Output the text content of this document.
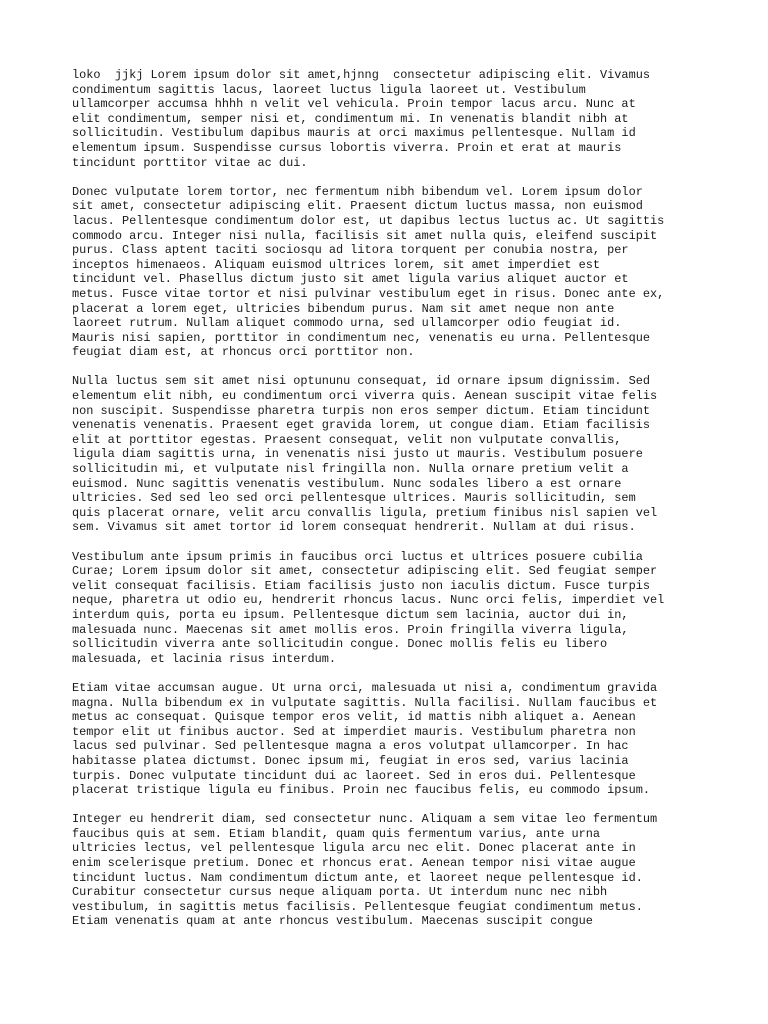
loko  jjkj Lorem ipsum dolor sit amet,hjnng  consectetur adipiscing elit. Vivamus
condimentum sagittis lacus, laoreet luctus ligula laoreet ut. Vestibulum
ullamcorper accumsa hhhh n velit vel vehicula. Proin tempor lacus arcu. Nunc at
elit condimentum, semper nisi et, condimentum mi. In venenatis blandit nibh at
sollicitudin. Vestibulum dapibus mauris at orci maximus pellentesque. Nullam id
elementum ipsum. Suspendisse cursus lobortis viverra. Proin et erat at mauris
tincidunt porttitor vitae ac dui.

Donec vulputate lorem tortor, nec fermentum nibh bibendum vel. Lorem ipsum dolor
sit amet, consectetur adipiscing elit. Praesent dictum luctus massa, non euismod
lacus. Pellentesque condimentum dolor est, ut dapibus lectus luctus ac. Ut sagittis
commodo arcu. Integer nisi nulla, facilisis sit amet nulla quis, eleifend suscipit
purus. Class aptent taciti sociosqu ad litora torquent per conubia nostra, per
inceptos himenaeos. Aliquam euismod ultrices lorem, sit amet imperdiet est
tincidunt vel. Phasellus dictum justo sit amet ligula varius aliquet auctor et
metus. Fusce vitae tortor et nisi pulvinar vestibulum eget in risus. Donec ante ex,
placerat a lorem eget, ultricies bibendum purus. Nam sit amet neque non ante
laoreet rutrum. Nullam aliquet commodo urna, sed ullamcorper odio feugiat id.
Mauris nisi sapien, porttitor in condimentum nec, venenatis eu urna. Pellentesque
feugiat diam est, at rhoncus orci porttitor non.

Nulla luctus sem sit amet nisi optununu consequat, id ornare ipsum dignissim. Sed
elementum elit nibh, eu condimentum orci viverra quis. Aenean suscipit vitae felis
non suscipit. Suspendisse pharetra turpis non eros semper dictum. Etiam tincidunt
venenatis venenatis. Praesent eget gravida lorem, ut congue diam. Etiam facilisis
elit at porttitor egestas. Praesent consequat, velit non vulputate convallis,
ligula diam sagittis urna, in venenatis nisi justo ut mauris. Vestibulum posuere
sollicitudin mi, et vulputate nisl fringilla non. Nulla ornare pretium velit a
euismod. Nunc sagittis venenatis vestibulum. Nunc sodales libero a est ornare
ultricies. Sed sed leo sed orci pellentesque ultrices. Mauris sollicitudin, sem
quis placerat ornare, velit arcu convallis ligula, pretium finibus nisl sapien vel
sem. Vivamus sit amet tortor id lorem consequat hendrerit. Nullam at dui risus.

Vestibulum ante ipsum primis in faucibus orci luctus et ultrices posuere cubilia
Curae; Lorem ipsum dolor sit amet, consectetur adipiscing elit. Sed feugiat semper
velit consequat facilisis. Etiam facilisis justo non iaculis dictum. Fusce turpis
neque, pharetra ut odio eu, hendrerit rhoncus lacus. Nunc orci felis, imperdiet vel
interdum quis, porta eu ipsum. Pellentesque dictum sem lacinia, auctor dui in,
malesuada nunc. Maecenas sit amet mollis eros. Proin fringilla viverra ligula,
sollicitudin viverra ante sollicitudin congue. Donec mollis felis eu libero
malesuada, et lacinia risus interdum.

Etiam vitae accumsan augue. Ut urna orci, malesuada ut nisi a, condimentum gravida
magna. Nulla bibendum ex in vulputate sagittis. Nulla facilisi. Nullam faucibus et
metus ac consequat. Quisque tempor eros velit, id mattis nibh aliquet a. Aenean
tempor elit ut finibus auctor. Sed at imperdiet mauris. Vestibulum pharetra non
lacus sed pulvinar. Sed pellentesque magna a eros volutpat ullamcorper. In hac
habitasse platea dictumst. Donec ipsum mi, feugiat in eros sed, varius lacinia
turpis. Donec vulputate tincidunt dui ac laoreet. Sed in eros dui. Pellentesque
placerat tristique ligula eu finibus. Proin nec faucibus felis, eu commodo ipsum.

Integer eu hendrerit diam, sed consectetur nunc. Aliquam a sem vitae leo fermentum
faucibus quis at sem. Etiam blandit, quam quis fermentum varius, ante urna
ultricies lectus, vel pellentesque ligula arcu nec elit. Donec placerat ante in
enim scelerisque pretium. Donec et rhoncus erat. Aenean tempor nisi vitae augue
tincidunt luctus. Nam condimentum dictum ante, et laoreet neque pellentesque id.
Curabitur consectetur cursus neque aliquam porta. Ut interdum nunc nec nibh
vestibulum, in sagittis metus facilisis. Pellentesque feugiat condimentum metus.
Etiam venenatis quam at ante rhoncus vestibulum. Maecenas suscipit congue
